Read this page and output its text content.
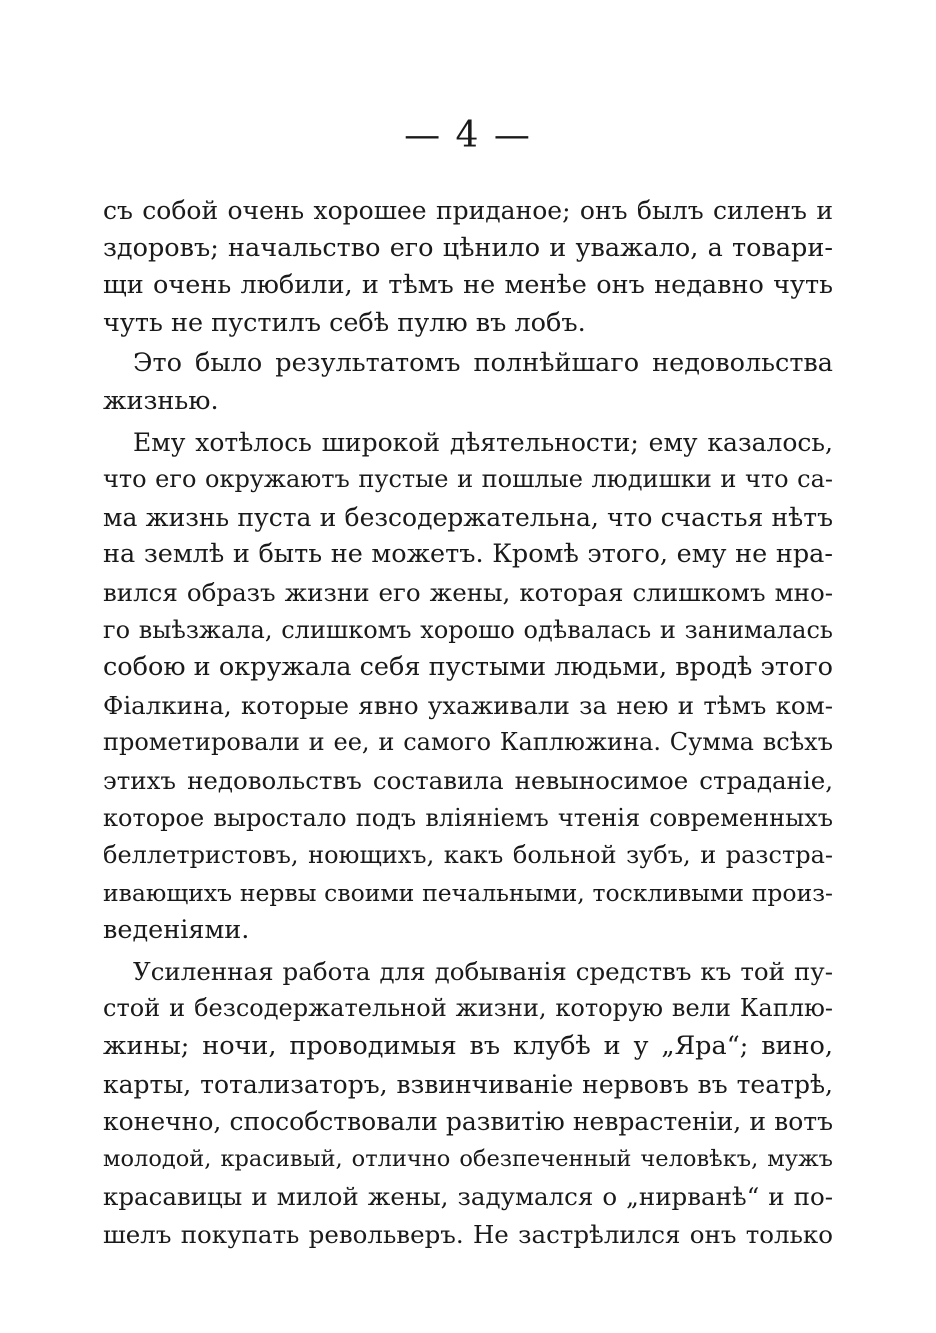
— 4 —
съ собой очень хорошее приданое; онъ былъ силенъ и
здоровъ; начальство его цѣнило и уважало, а товари-
щи очень любили, и тѣмъ не менѣе онъ недавно чуть
чуть не пустилъ себѣ пулю въ лобъ.
Это было результатомъ полнѣйшаго недовольства
жизнью.
Ему хотѣлось широкой дѣятельности; ему казалось,
что его окружаютъ пустые и пошлые людишки и что са-
ма жизнь пуста и безсодержательна, что счастья нѣтъ
на землѣ и быть не можетъ. Кромѣ этого, ему не нра-
вился образъ жизни его жены, которая слишкомъ мно-
го выѣзжала, слишкомъ хорошо одѣвалась и занималась
собою и окружала себя пустыми людьми, вродѣ этого
Фіалкина, которые явно ухаживали за нею и тѣмъ ком-
прометировали и ее, и самого Каплюжина. Сумма всѣхъ
этихъ недовольствъ составила невыносимое страданіе,
которое выростало подъ вліяніемъ чтенія современныхъ
беллетристовъ, ноющихъ, какъ больной зубъ, и разстра-
ивающихъ нервы своими печальными, тоскливыми произ-
веденіями.
Усиленная работа для добыванія средствъ къ той пу-
стой и безсодержательной жизни, которую вели Каплю-
жины; ночи, проводимыя въ клубѣ и у „Яра“; вино,
карты, тотализаторъ, взвинчиваніе нервовъ въ театрѣ,
конечно, способствовали развитію неврастеніи, и вотъ
молодой, красивый, отлично обезпеченный человѣкъ, мужъ
красавицы и милой жены, задумался о „нирванѣ“ и по-
шелъ покупать револьверъ. Не застрѣлился онъ только
